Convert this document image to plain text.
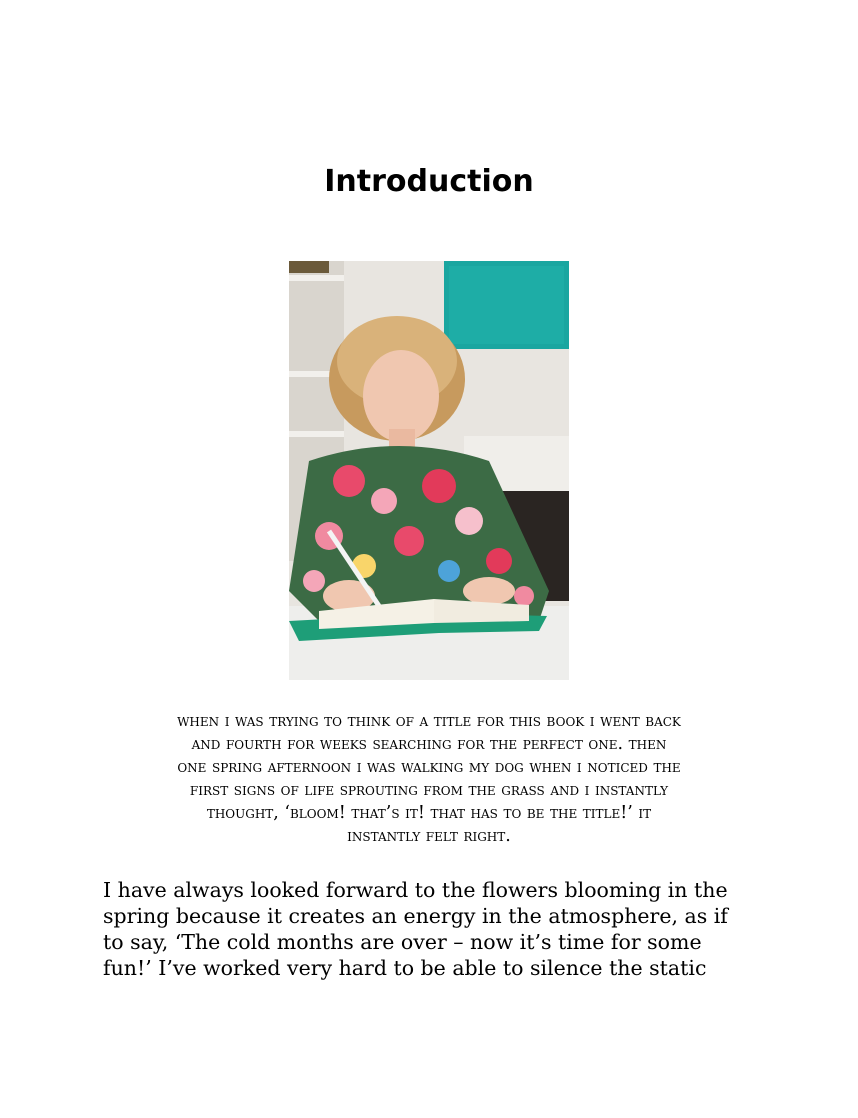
Introduction

when i was trying to think of a title for this book i went back
and fourth for weeks searching for the perfect one. then
one spring afternoon i was walking my dog when i noticed the
first signs of life sprouting from the grass and i instantly
thought, ‘bloom! that’s it! that has to be the title!’ it
instantly felt right.

I have always looked forward to the flowers blooming in the
spring because it creates an energy in the atmosphere, as if
to say, ‘The cold months are over – now it’s time for some
fun!’ I’ve worked very hard to be able to silence the static
